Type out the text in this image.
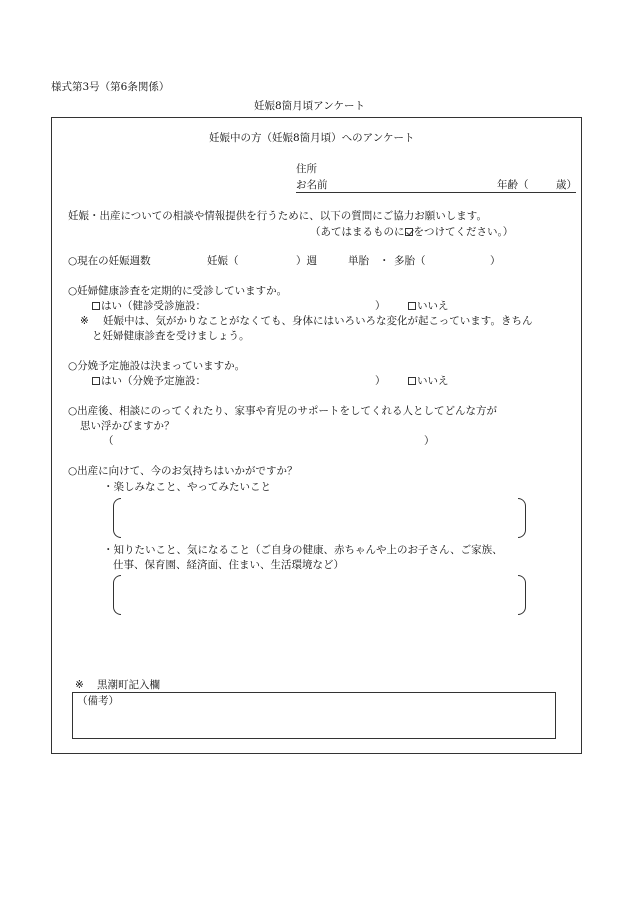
様式第3号（第6条関係）
妊娠8箇月頃アンケート
妊娠中の方（妊娠8箇月頃）へのアンケート
住所
お名前	年齢（	歳）
妊娠・出産についての相談や情報提供を行うために、以下の質問にご協力お願いします。
（あてはまるものに をつけてください。）
○現在の妊娠週数	妊娠（	）週	単胎 ・ 多胎（	）
○妊婦健康診査を定期的に受診していますか。
はい（健診受診施設：	）	いいえ
※ 妊娠中は、気がかりなことがなくても、身体にはいろいろな変化が起こっています。きちん
と妊婦健康診査を受けましょう。
○分娩予定施設は決まっていますか。
はい（分娩予定施設：	）	いいえ
○出産後、相談にのってくれたり、家事や育児のサポートをしてくれる人としてどんな方が
思い浮かびますか？
（	）
○出産に向けて、今のお気持ちはいかがですか？
・楽しみなこと、やってみたいこと
・知りたいこと、気になること（ご自身の健康、赤ちゃんや上のお子さん、ご家族、
仕事、保育園、経済面、住まい、生活環境など）
※ 黒潮町記入欄
（備考）
